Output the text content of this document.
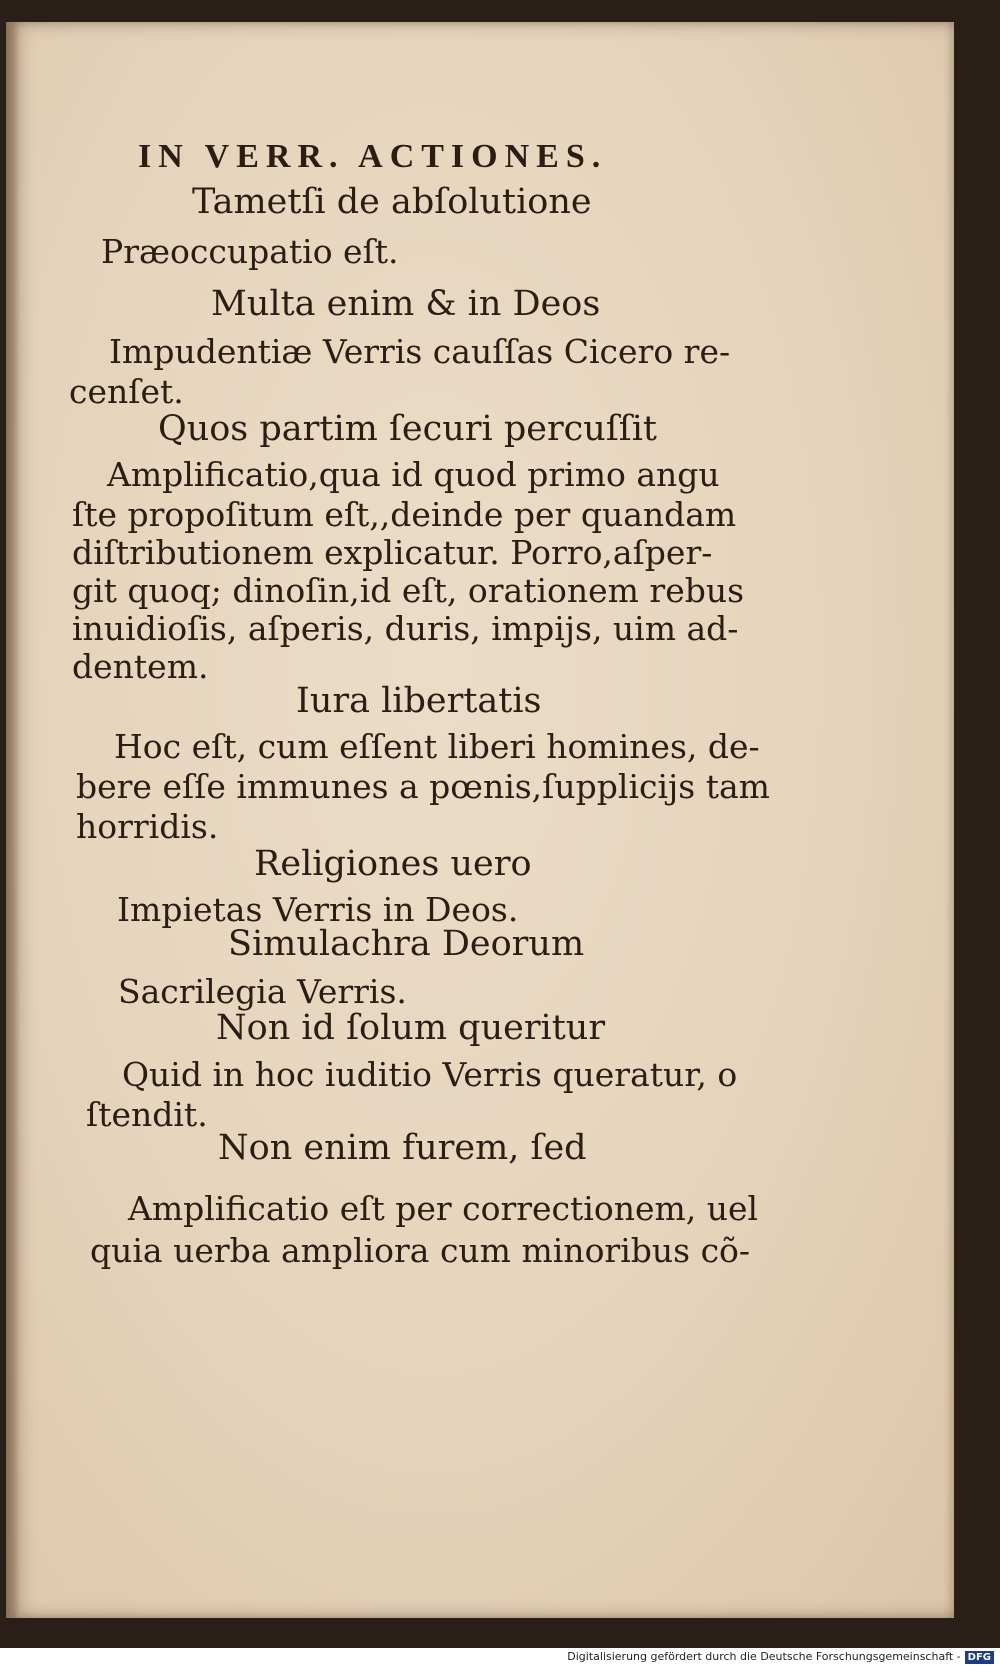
IN VERR. ACTIONES.
Tametſi de abſolutione
Præoccupatio eſt.
Multa enim & in Deos
Impudentiæ Verris cauſſas Cicero re‑
cenſet.
Quos partim ſecuri percuſſit
Amplificatio,qua id quod primo angu
ſte propoſitum eſt,,deinde per quandam
diſtributionem explicatur. Porro,aſper‑
git quoq; dinoſin,id eſt, orationem rebus
inuidioſis, aſperis, duris, impijs, uim ad‑
dentem.
Iura libertatis
Hoc eſt, cum eſſent liberi homines, de‑
bere eſſe immunes a pœnis,ſupplicijs tam
horridis.
Religiones uero
Impietas Verris in Deos.
Simulachra Deorum
Sacrilegia Verris.
Non id ſolum queritur
Quid in hoc iuditio Verris queratur, o
ſtendit.
Non enim furem, ſed
Amplificatio eſt per correctionem, uel
quia uerba ampliora cum minoribus cõ‑
Digitalisierung gefördert durch die Deutsche Forschungsgemeinschaft - DFG
